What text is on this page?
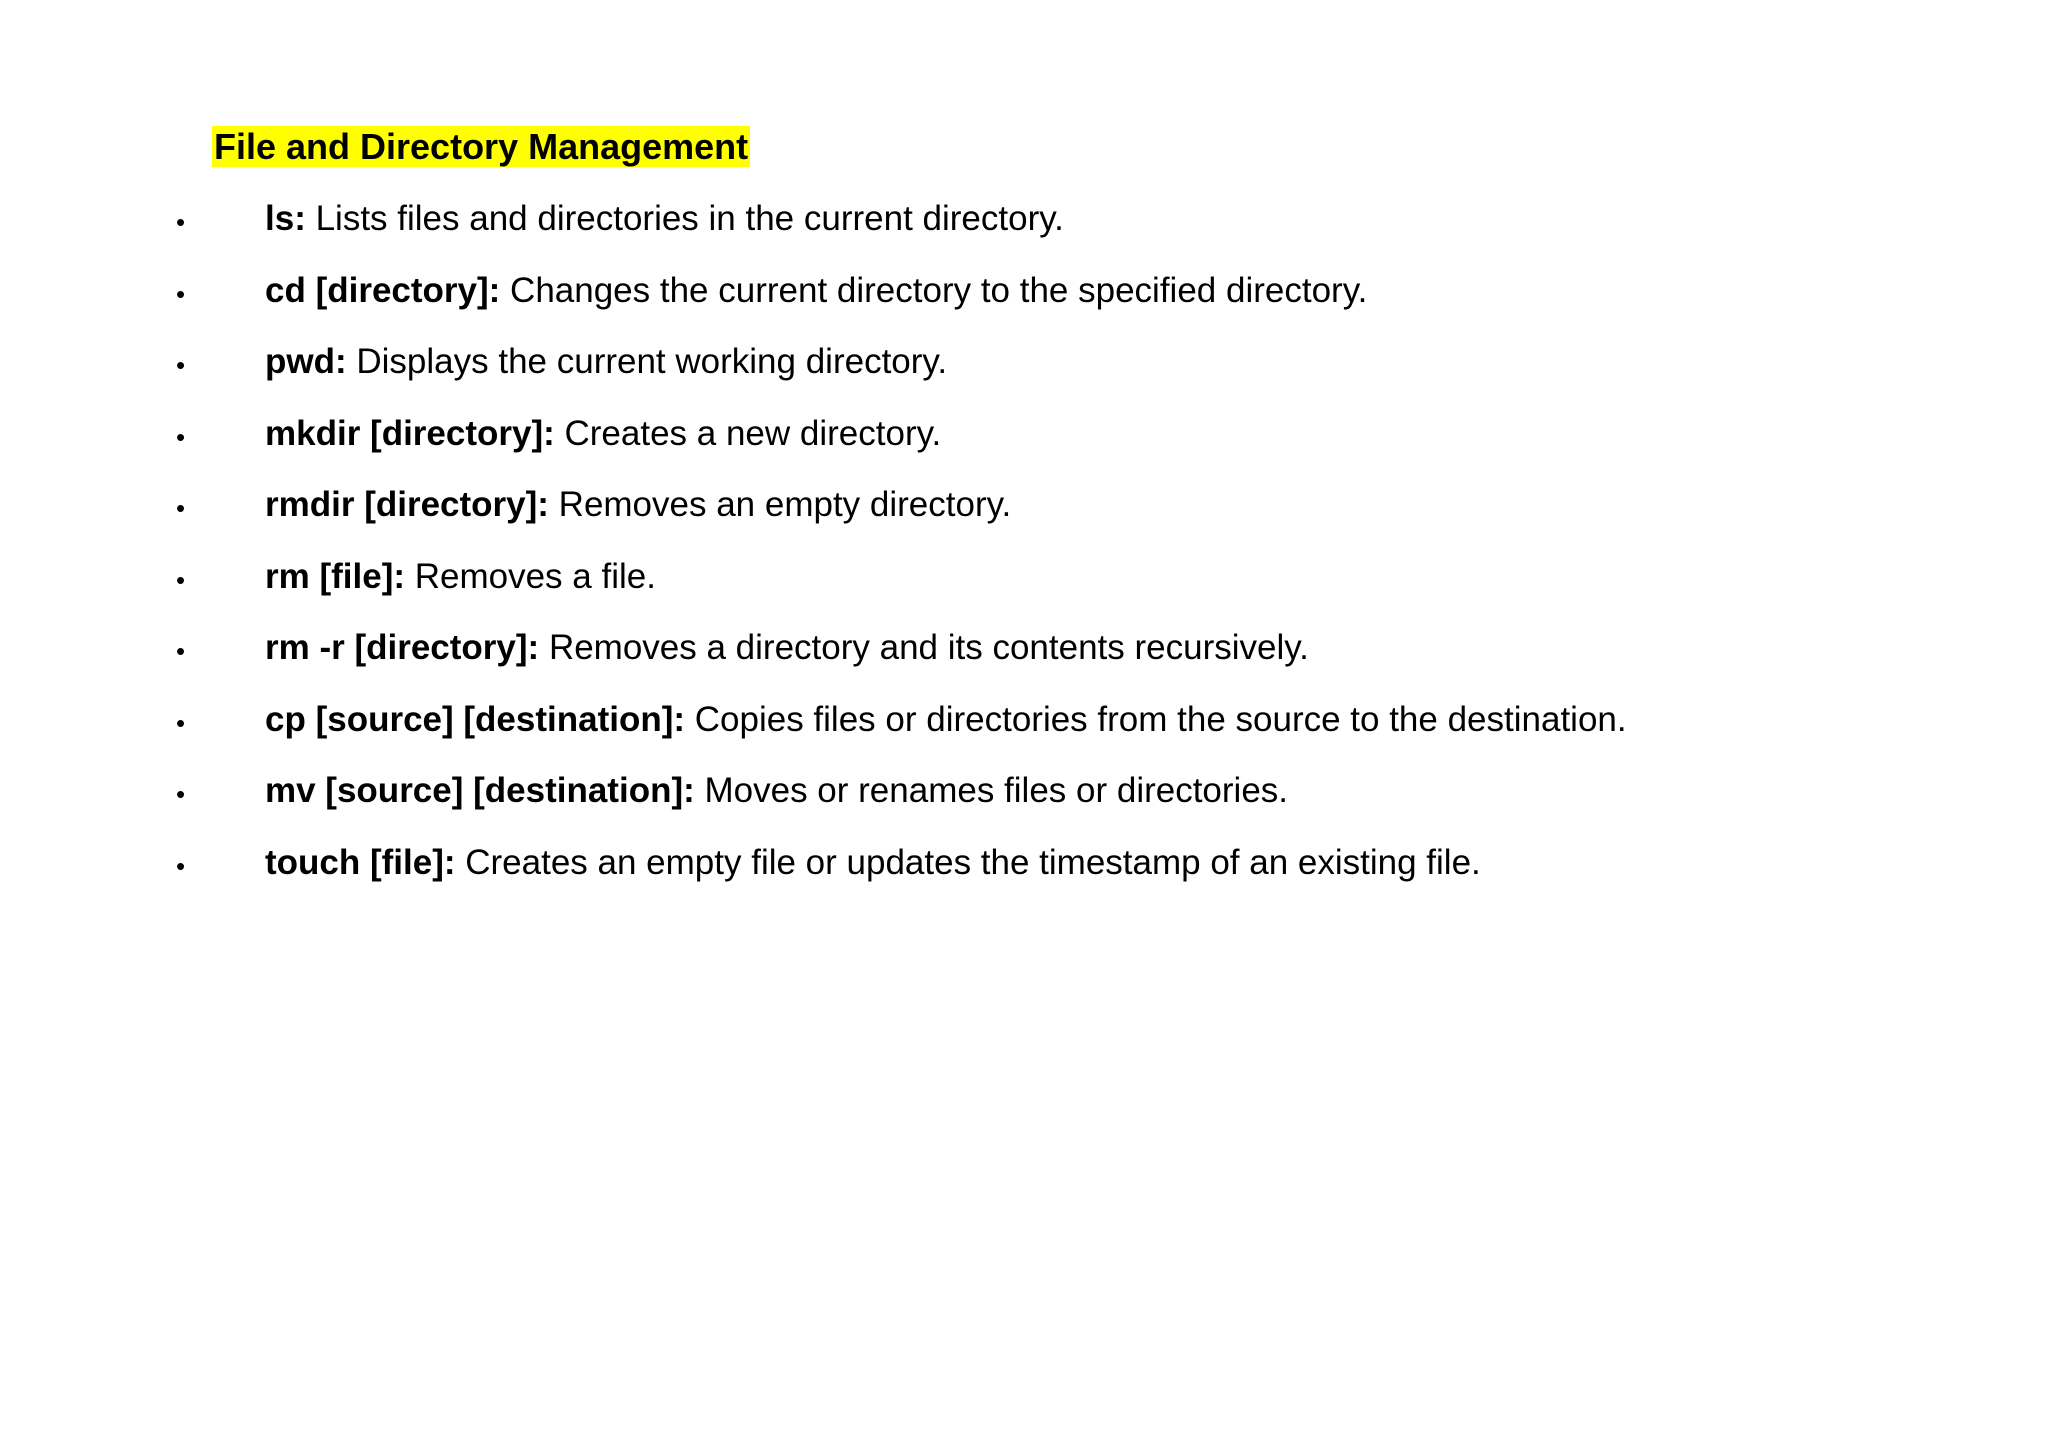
File and Directory Management
• ls: Lists files and directories in the current directory.
• cd [directory]: Changes the current directory to the specified directory.
• pwd: Displays the current working directory.
• mkdir [directory]: Creates a new directory.
• rmdir [directory]: Removes an empty directory.
• rm [file]: Removes a file.
• rm -r [directory]: Removes a directory and its contents recursively.
• cp [source] [destination]: Copies files or directories from the source to the destination.
• mv [source] [destination]: Moves or renames files or directories.
• touch [file]: Creates an empty file or updates the timestamp of an existing file.
